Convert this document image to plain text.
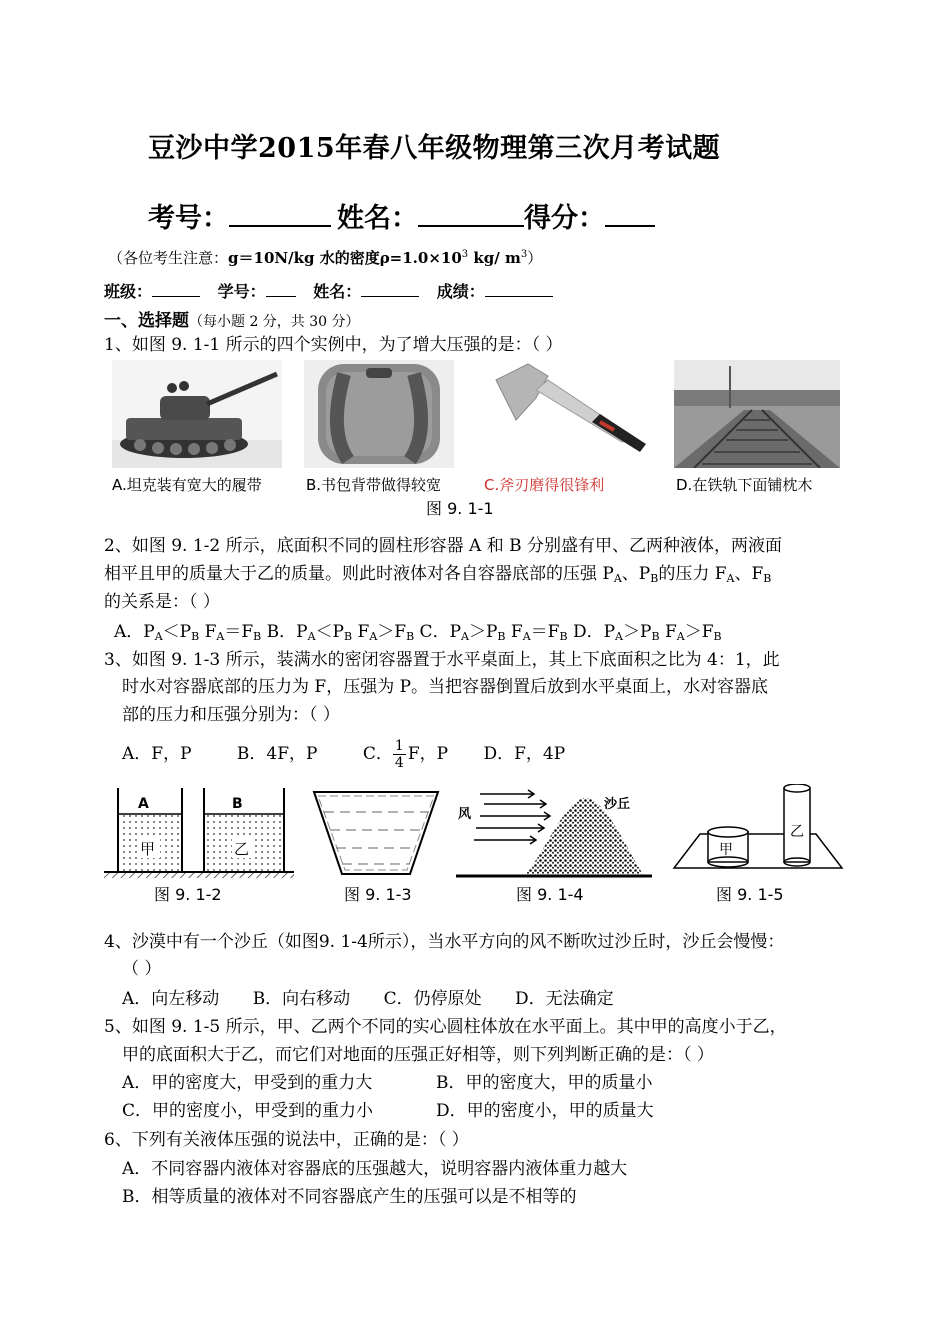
豆沙中学2015年春八年级物理第三次月考试题
考号：	姓名：	得分：
（各位考生注意：g＝10N/kg 水的密度$\rho=1.0\times 10^3$ kg/ $m^3$）
班级：	学号：	姓名：	成绩：
一、选择题（每小题 2 分，共 30 分）
1、如图 9. 1-1 所示的四个实例中，为了增大压强的是：（ ）
A.坦克装有宽大的履带	B.书包背带做得较宽	C.斧刃磨得很锋利	D.在铁轨下面铺枕木
图 9. 1-1
2、如图 9. 1-2 所示，底面积不同的圆柱形容器 A 和 B 分别盛有甲、乙两种液体，两液面
相平且甲的质量大于乙的质量。则此时液体对各自容器底部的压强 $P_A$、$P_B$的压力 $F_A$、$F_B$
的关系是：（ ）
A．$P_A<P_B$ $F_A=F_B$ B．$P_A<P_B$ $F_A>F_B$ C．$P_A>P_B$ $F_A=F_B$ D．$P_A>P_B$ $F_A>F_B$
3、如图 9. 1-3 所示，装满水的密闭容器置于水平桌面上，其上下底面积之比为 4：1，此
时水对容器底部的压力为 F，压强为 P。当把容器倒置后放到水平桌面上，水对容器底
部的压力和压强分别为：（ ）
A．F，P	B．4F，P	C． $\frac{1}{4}$ F，P D．F，4P
A	B
甲	乙
图 9. 1-2	图 9. 1-3
风
沙丘
图 9. 1-4
甲
乙
图 9. 1-5
4、沙漠中有一个沙丘（如图9. 1-4所示），当水平方向的风不断吹过沙丘时，沙丘会慢慢：
（ ）
A．向左移动 B．向右移动 C．仍停原处 D．无法确定
5、如图 9. 1-5 所示，甲、乙两个不同的实心圆柱体放在水平面上。其中甲的高度小于乙，
甲的底面积大于乙，而它们对地面的压强正好相等，则下列判断正确的是：（ ）
A．甲的密度大，甲受到的重力大	B．甲的密度大，甲的质量小
C．甲的密度小，甲受到的重力小	D．甲的密度小，甲的质量大
6、下列有关液体压强的说法中，正确的是：（ ）
A．不同容器内液体对容器底的压强越大，说明容器内液体重力越大
B．相等质量的液体对不同容器底产生的压强可以是不相等的
